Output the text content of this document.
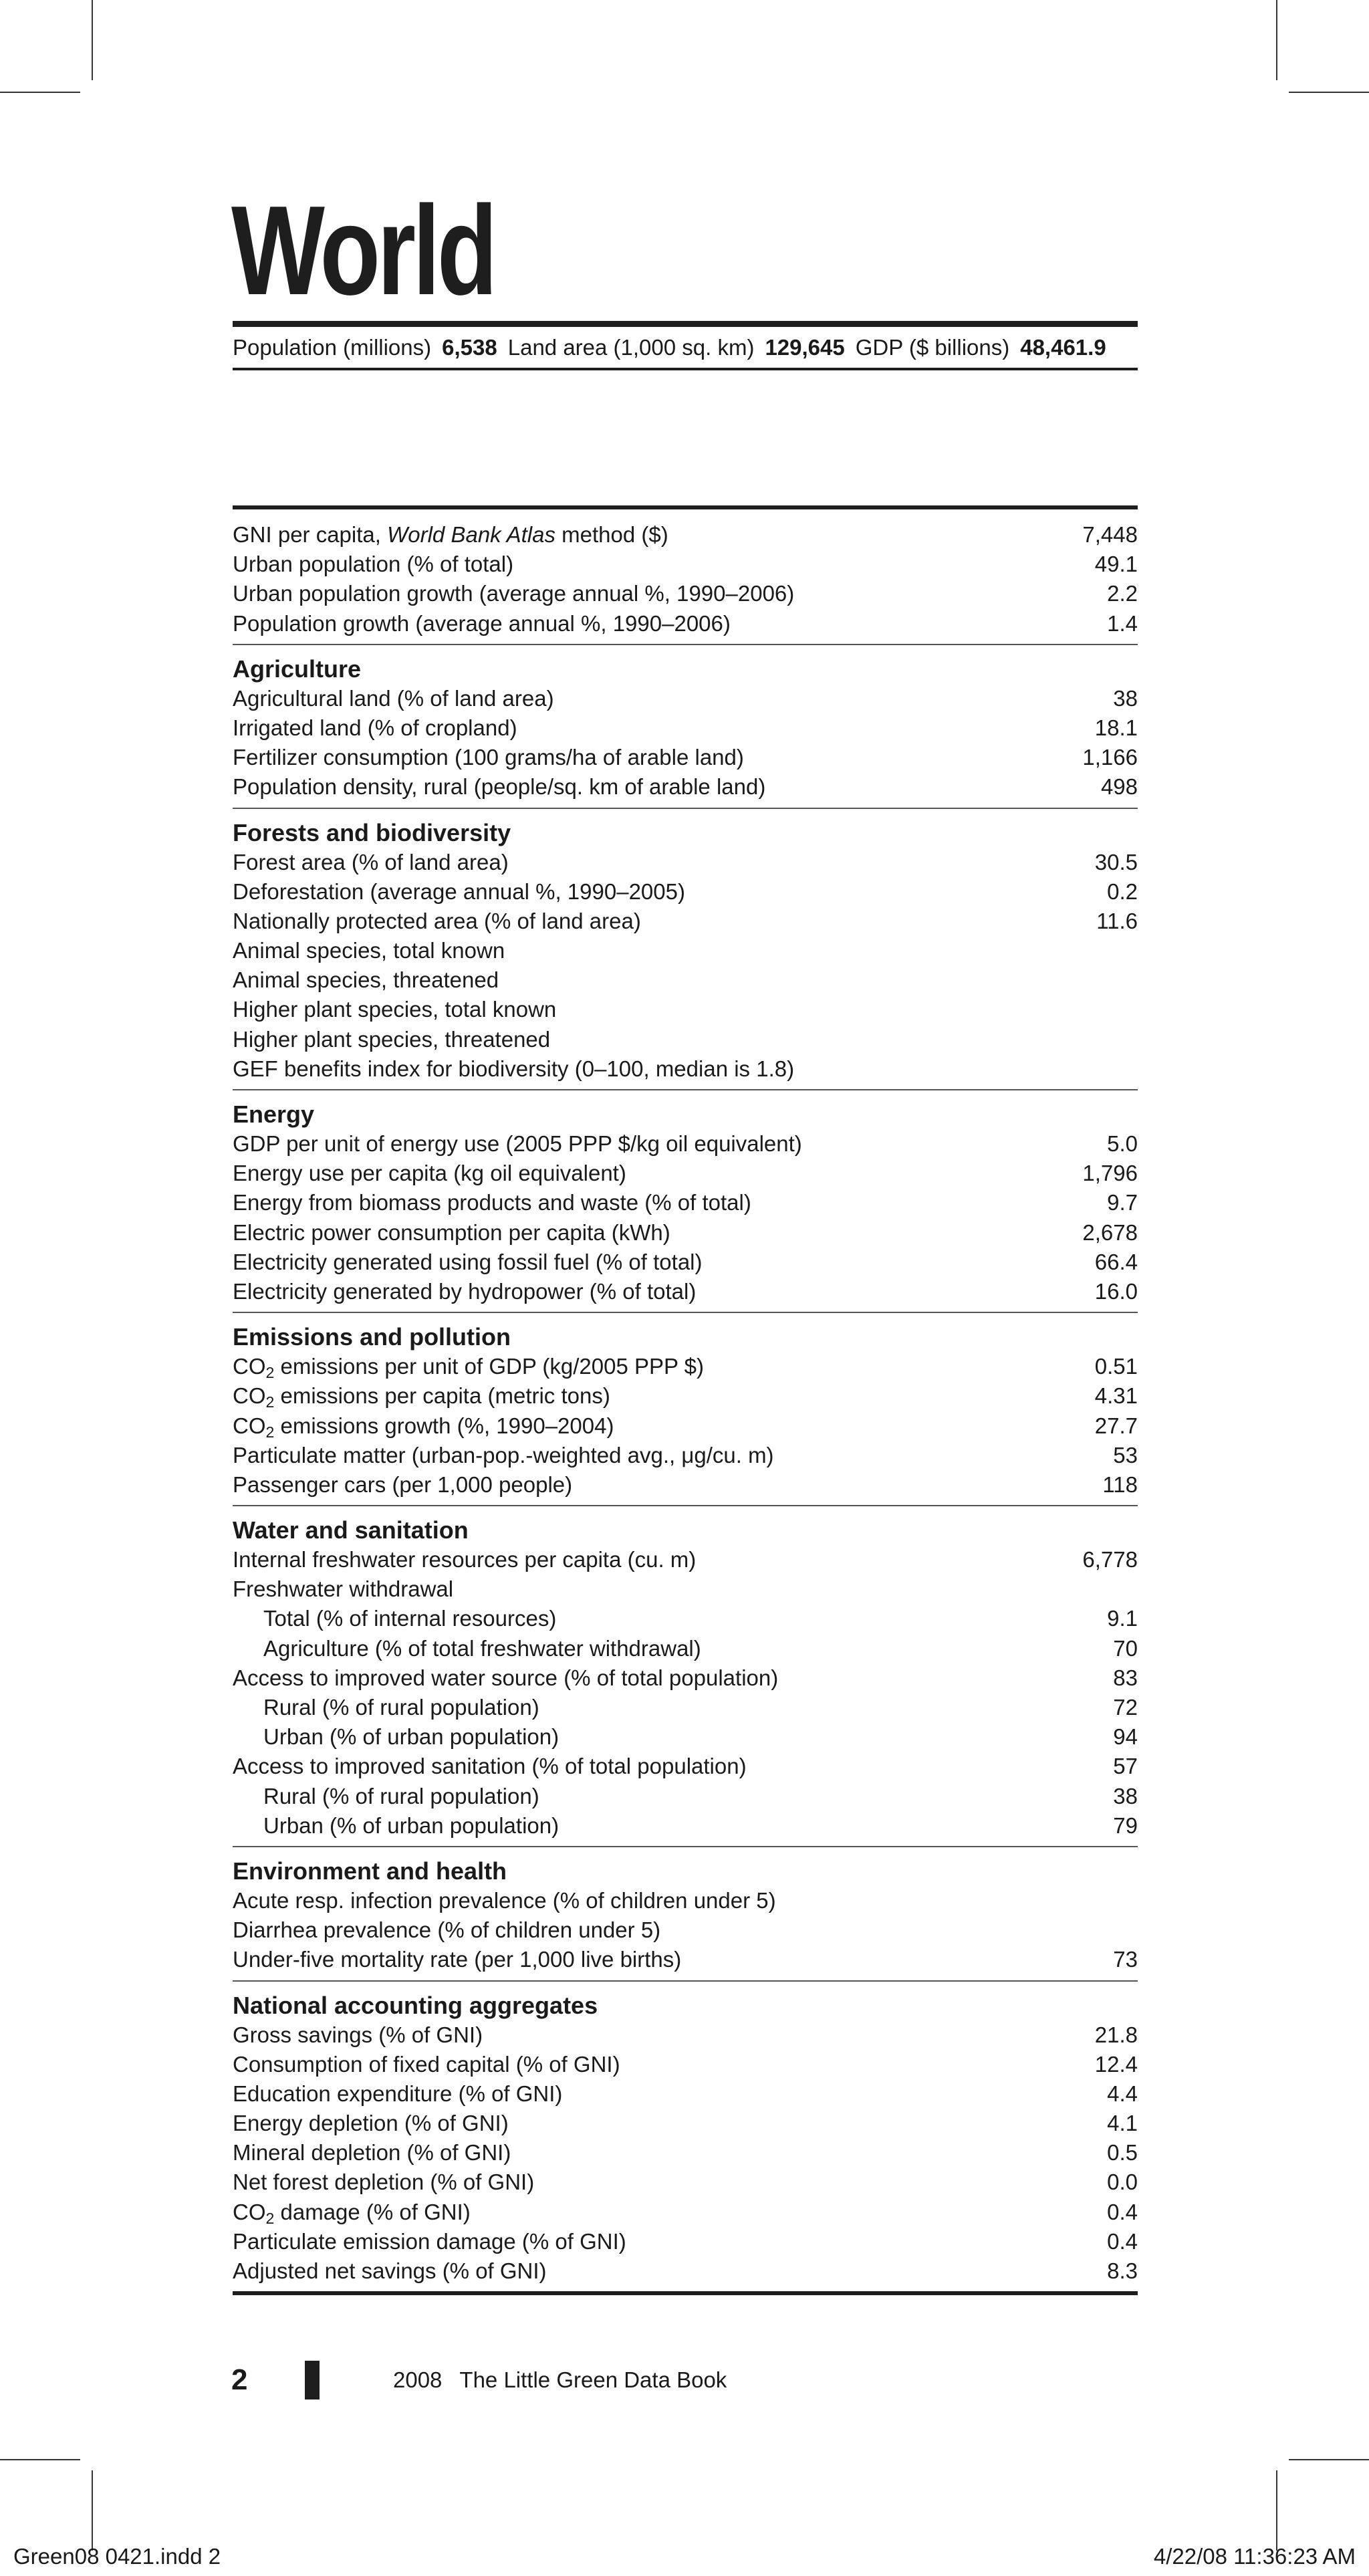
World
Population (millions) 6,538 Land area (1,000 sq. km) 129,645 GDP ($ billions) 48,461.9
GNI per capita, World Bank Atlas method ($)	7,448
Urban population (% of total)	49.1
Urban population growth (average annual %, 1990–2006)	2.2
Population growth (average annual %, 1990–2006)	1.4
Agriculture
Agricultural land (% of land area)	38
Irrigated land (% of cropland)	18.1
Fertilizer consumption (100 grams/ha of arable land)	1,166
Population density, rural (people/sq. km of arable land)	498
Forests and biodiversity
Forest area (% of land area)	30.5
Deforestation (average annual %, 1990–2005)	0.2
Nationally protected area (% of land area)	11.6
Animal species, total known
Animal species, threatened
Higher plant species, total known
Higher plant species, threatened
GEF benefits index for biodiversity (0–100, median is 1.8)
Energy
GDP per unit of energy use (2005 PPP $/kg oil equivalent)	5.0
Energy use per capita (kg oil equivalent)	1,796
Energy from biomass products and waste (% of total)	9.7
Electric power consumption per capita (kWh)	2,678
Electricity generated using fossil fuel (% of total)	66.4
Electricity generated by hydropower (% of total)	16.0
Emissions and pollution
$CO_2$ emissions per unit of GDP (kg/2005 PPP $)	0.51
$CO_2$ emissions per capita (metric tons)	4.31
$CO_2$ emissions growth (%, 1990–2004)	27.7
Particulate matter (urban-pop.-weighted avg., μg/cu. m)	53
Passenger cars (per 1,000 people)	118
Water and sanitation
Internal freshwater resources per capita (cu. m)	6,778
Freshwater withdrawal
Total (% of internal resources)	9.1
Agriculture (% of total freshwater withdrawal)	70
Access to improved water source (% of total population)	83
Rural (% of rural population)	72
Urban (% of urban population)	94
Access to improved sanitation (% of total population)	57
Rural (% of rural population)	38
Urban (% of urban population)	79
Environment and health
Acute resp. infection prevalence (% of children under 5)
Diarrhea prevalence (% of children under 5)
Under-five mortality rate (per 1,000 live births)	73
National accounting aggregates
Gross savings (% of GNI)	21.8
Consumption of fixed capital (% of GNI)	12.4
Education expenditure (% of GNI)	4.4
Energy depletion (% of GNI)	4.1
Mineral depletion (% of GNI)	0.5
Net forest depletion (% of GNI)	0.0
$CO_2$ damage (% of GNI)	0.4
Particulate emission damage (% of GNI)	0.4
Adjusted net savings (% of GNI)	8.3
2	2008 The Little Green Data Book
Green08 0421.indd 2	4/22/08 11:36:23 AM
